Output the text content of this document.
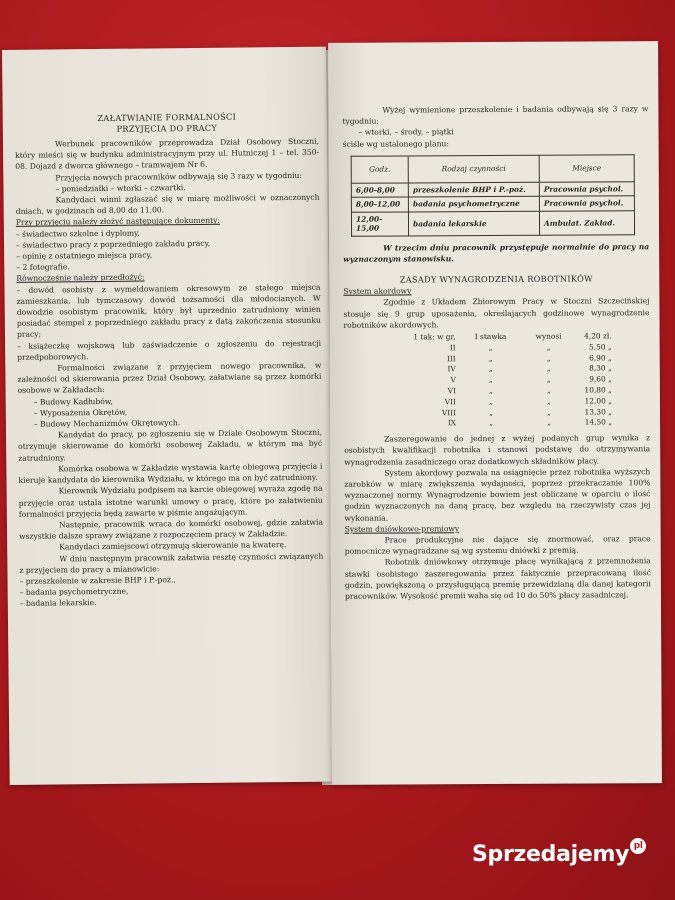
ZAŁATWIANIE FORMALNOŚCI

PRZYJĘCIA DO PRACY

Werbunek pracowników przeprowadza Dział Osobowy Stoczni, który mieści się w budynku administracyjnym przy ul. Hutniczej 1 – tel. 350-08. Dojazd z dworca głównego – tramwajem Nr 6.

Przyjęcia nowych pracowników odbywają się 3 razy w tygodniu:

– poniedziałki – wtorki – czwartki.

Kandydaci winni zgłaszać się w miarę możliwości w oznaczonych dniach, w godzinach od 8,00 do 11,00.

Przy przyjęciu należy złożyć następujące dokumenty:

– świadectwo szkolne i dyplomy,

– świadectwo pracy z poprzedniego zakładu pracy,

– opinię z ostatniego miejsca pracy,

– 2 fotografie.

Równocześnie należy przedłożyć:

– dowód osobisty z wymeldowaniem okresowym ze stałego miejsca zamieszkania, lub tymczasowy dowód tożsamości dla młodocianych. W dowodzie osobistym pracownik, który był uprzednio zatrudniony winien posiadać stempel z poprzedniego zakładu pracy z datą zakończenia stosunku pracy;

– książeczkę wojskową lub zaświadczenie o zgłoszeniu do rejestracji przedpoborowych.

Formalności związane z przyjęciem nowego pracownika, w zależności od skierowania przez Dział Osobowy, załatwiane są przez komórki osobowe w Zakładach:

– Budowy Kadłubów,

– Wyposażenia Okrętów,

– Budowy Mechanizmów Okrętowych.

Kandydat do pracy, po zgłoszeniu się w Dziale Osobowym Stoczni, otrzymuje skierowanie do komórki osobowej Zakładu, w którym ma być zatrudniony.

Komórka osobowa w Zakładzie wystawia kartę obiegową przyjęcia i kieruje kandydata do kierownika Wydziału, w którego ma on być zatrudniony.

Kierownik Wydziału podpisem na karcie obiegowej wyraża zgodę na przyjęcie oraz ustala istotne warunki umowy o pracę, które po załatwieniu formalności przyjęcia będą zawarte w piśmie angażującym.

Następnie, pracownik wraca do komórki osobowej, gdzie załatwia wszystkie dalsze sprawy związane z rozpoczęciem pracy w Zakładzie.

Kandydaci zamiejscowi otrzymują skierowanie na kwaterę.

W dniu następnym pracownik załatwia resztę czynności związanych z przyjęciem do pracy a mianowicie:

– przeszkolenie w zakresie BHP i P.-poż.,

– badania psychometryczne,

– badania lekarskie.

Wyżej wymienione przeszkolenie i badania odbywają się 3 razy w tygodniu:

– wtorki, – środy, – piątki

ściśle wg ustalonego planu:

Godz.	Rodzaj czynności	Miejsce
6,00-8,00	przeszkolenie BHP i P.-poż.	Pracownia psychol.
8,00-12,00	badania psychometryczne	Pracownia psychol.
12,00-15,00	badania lekarskie	Ambulat. Zakład.

W trzecim dniu pracownik przystępuje normalnie do pracy na wyznaczonym stanowisku.

ZASADY WYNAGRODZENIA ROBOTNIKÓW

System akordowy

Zgodnie z Układem Zbiorowym Pracy w Stoczni Szczecińskiej stosuje się 9 grup uposażenia, określających godzinowe wynagrodzenie robotników akordowych.

1 tak: w gr.	I stawka	wynosi	4,20 zł.
II	„	„	5,50 „
III	„	„	6,90 „
IV	„	„	8,30 „
V	„	„	9,60 „
VI	„	„	10,80 „
VII	„	„	12,00 „
VIII	„	„	13,30 „
IX	„	„	14,50 „

Zaszeregowanie do jednej z wyżej podanych grup wynika z osobistych kwalifikacji robotnika i stanowi podstawę do otrzymywania wynagrodzenia zasadniczego oraz dodatkowych składników płacy.

System akordowy pozwala na osiągnięcie przez robotnika wyższych zarobków w miarę zwiększenia wydajności, poprzez przekraczanie 100% wyznaczonej normy. Wynagrodzenie bowiem jest obliczane w oparciu o ilość godzin wyznaczonych na daną pracę, bez względu na rzeczywisty czas jej wykonania.

System dniówkowo-premiowy

Prace produkcyjne nie dające się znormować, oraz prace pomocnicze wynagradzane są wg systemu dniówki z premią.

Robotnik dniówkowy otrzymuje płacę wynikającą z przemnożenia stawki osobistego zaszeregowania przez faktycznie przepracowaną ilość godzin, powiększoną o przysługującą premię przewidzianą dla danej kategorii pracowników. Wysokość premii waha się od 10 do 50% płacy zasadniczej.

Sprzedajemy pl
